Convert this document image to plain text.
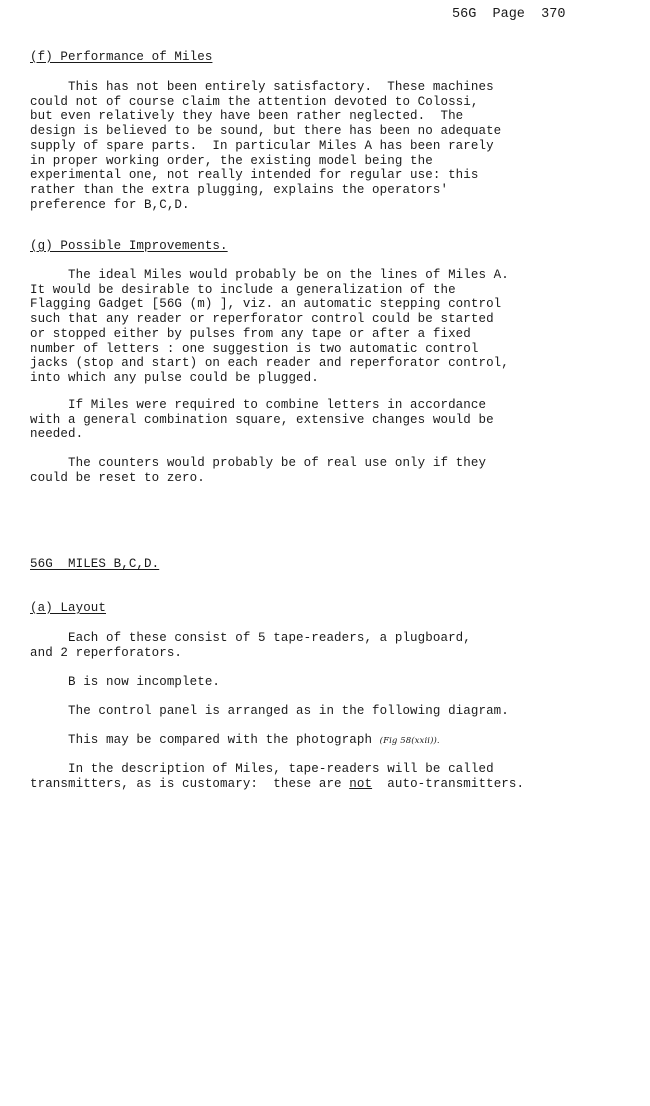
56G  Page  370
(f) Performance of Miles
This has not been entirely satisfactory.  These machines
could not of course claim the attention devoted to Colossi,
but even relatively they have been rather neglected.  The
design is believed to be sound, but there has been no adequate
supply of spare parts.  In particular Miles A has been rarely
in proper working order, the existing model being the
experimental one, not really intended for regular use: this
rather than the extra plugging, explains the operators'
preference for B,C,D.
(g) Possible Improvements.
The ideal Miles would probably be on the lines of Miles A.
It would be desirable to include a generalization of the
Flagging Gadget [56G (m) ], viz. an automatic stepping control
such that any reader or reperforator control could be started
or stopped either by pulses from any tape or after a fixed
number of letters : one suggestion is two automatic control
jacks (stop and start) on each reader and reperforator control,
into which any pulse could be plugged.
If Miles were required to combine letters in accordance
with a general combination square, extensive changes would be
needed.
The counters would probably be of real use only if they
could be reset to zero.
56G  MILES B,C,D.
(a) Layout
Each of these consist of 5 tape-readers, a plugboard,
and 2 reperforators.
B is now incomplete.
The control panel is arranged as in the following diagram.
This may be compared with the photograph (Fig 58(xxii)).
In the description of Miles, tape-readers will be called
transmitters, as is customary:  these are not  auto-transmitters.
